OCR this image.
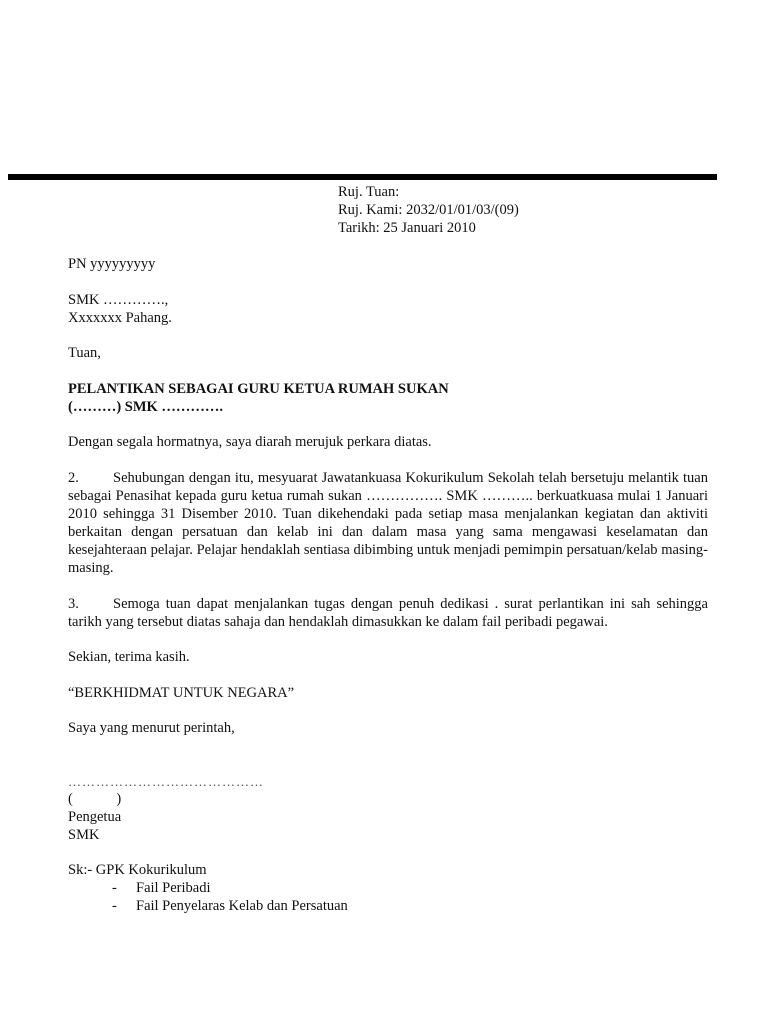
Ruj. Tuan:
Ruj. Kami: 2032/01/01/03/(09)
Tarikh: 25 Januari 2010
PN yyyyyyyyy
SMK ………….,
Xxxxxxx Pahang.
Tuan,
PELANTIKAN SEBAGAI GURU KETUA RUMAH SUKAN
(………) SMK ………….
Dengan segala hormatnya, saya diarah merujuk perkara diatas.
2. Sehubungan dengan itu, mesyuarat Jawatankuasa Kokurikulum Sekolah telah bersetuju melantik tuan sebagai Penasihat kepada guru ketua rumah sukan ……………. SMK ……….. berkuatkuasa mulai 1 Januari 2010 sehingga 31 Disember 2010. Tuan dikehendaki pada setiap masa menjalankan kegiatan dan aktiviti berkaitan dengan persatuan dan kelab ini dan dalam masa yang sama mengawasi keselamatan dan kesejahteraan pelajar. Pelajar hendaklah sentiasa dibimbing untuk menjadi pemimpin persatuan/kelab masing-masing.
3. Semoga tuan dapat menjalankan tugas dengan penuh dedikasi . surat perlantikan ini sah sehingga tarikh yang tersebut diatas sahaja dan hendaklah dimasukkan ke dalam fail peribadi pegawai.
Sekian, terima kasih.
“BERKHIDMAT UNTUK NEGARA”
Saya yang menurut perintah,
……………………………………
(            )
Pengetua
SMK
Sk:- GPK Kokurikulum
- Fail Peribadi
- Fail Penyelaras Kelab dan Persatuan
